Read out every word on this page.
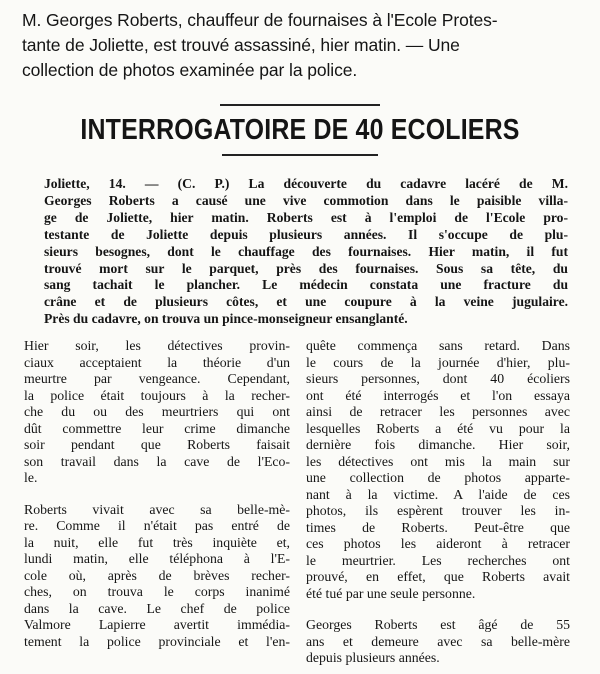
M. Georges Roberts, chauffeur de fournaises à l'Ecole Protes-
tante de Joliette, est trouvé assassiné, hier matin. — Une
collection de photos examinée par la police.
INTERROGATOIRE DE 40 ECOLIERS
Joliette, 14. — (C. P.) La découverte du cadavre lacéré de M.
Georges Roberts a causé une vive commotion dans le paisible villa-
ge de Joliette, hier matin. Roberts est à l'emploi de l'Ecole pro-
testante de Joliette depuis plusieurs années. Il s'occupe de plu-
sieurs besognes, dont le chauffage des fournaises. Hier matin, il fut
trouvé mort sur le parquet, près des fournaises. Sous sa tête, du
sang tachait le plancher. Le médecin constata une fracture du
crâne et de plusieurs côtes, et une coupure à la veine jugulaire.
Près du cadavre, on trouva un pince-monseigneur ensanglanté.
Hier soir, les détectives provin-
ciaux acceptaient la théorie d'un
meurtre par vengeance. Cependant,
la police était toujours à la recher-
che du ou des meurtriers qui ont
dût commettre leur crime dimanche
soir pendant que Roberts faisait
son travail dans la cave de l'Eco-
le.
Roberts vivait avec sa belle-mè-
re. Comme il n'était pas entré de
la nuit, elle fut très inquiète et,
lundi matin, elle téléphona à l'E-
cole où, après de brèves recher-
ches, on trouva le corps inanimé
dans la cave. Le chef de police
Valmore Lapierre avertit immédia-
tement la police provinciale et l'en-
quête commença sans retard. Dans
le cours de la journée d'hier, plu-
sieurs personnes, dont 40 écoliers
ont été interrogés et l'on essaya
ainsi de retracer les personnes avec
lesquelles Roberts a été vu pour la
dernière fois dimanche. Hier soir,
les détectives ont mis la main sur
une collection de photos apparte-
nant à la victime. A l'aide de ces
photos, ils espèrent trouver les in-
times de Roberts. Peut-être que
ces photos les aideront à retracer
le meurtrier. Les recherches ont
prouvé, en effet, que Roberts avait
été tué par une seule personne.
Georges Roberts est âgé de 55
ans et demeure avec sa belle-mère
depuis plusieurs années.
